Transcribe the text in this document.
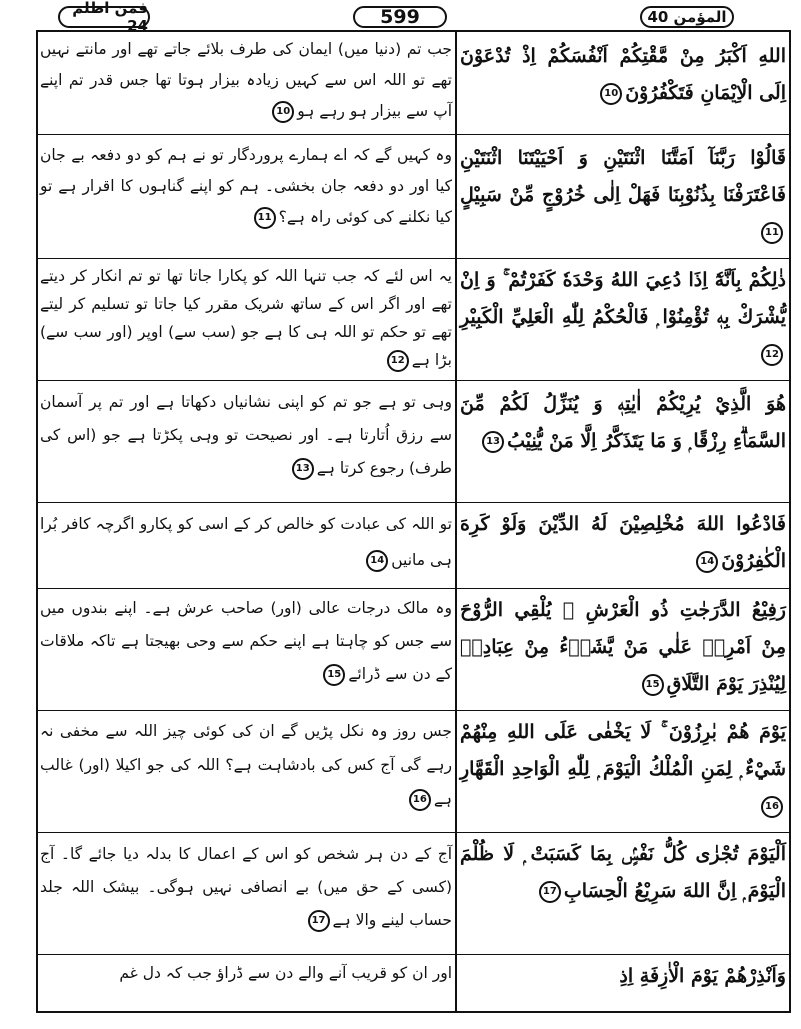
فمن اظلم 24	599	المؤمن 40
اللهِ اَكْبَرُ مِنْ مَّقْتِكُمْ اَنْفُسَكُمْ اِذْ تُدْعَوْنَ اِلَى الْاِيْمَانِ فَتَكْفُرُوْنَ10
جب تم (دنیا میں) ایمان کی طرف بلائے جاتے تھے اور مانتے نہیں تھے تو اللہ اس سے کہیں زیادہ بیزار ہوتا تھا جس قدر تم اپنے آپ سے بیزار ہو رہے ہو10
قَالُوْا رَبَّنَآ اَمَتَّنَا اثْنَتَيْنِ وَ اَحْيَيْتَنَا اثْنَتَيْنِ فَاعْتَرَفْنَا بِذُنُوْبِنَا فَهَلْ اِلٰى خُرُوْجٍ مِّنْ سَبِيْلٍ11
وہ کہیں گے کہ اے ہمارے پروردگار تو نے ہم کو دو دفعہ بے جان کیا اور دو دفعہ جان بخشی۔ ہم کو اپنے گناہوں کا اقرار ہے تو کیا نکلنے کی کوئی راہ ہے؟11
ذٰلِكُمْ بِاَنَّهٗٓ اِذَا دُعِيَ اللهُ وَحْدَهٗ كَفَرْتُمْ ۚ وَ اِنْ يُّشْرَكْ بِهٖ تُؤْمِنُوْا ۭ فَالْحُكْمُ لِلّٰهِ الْعَلِيِّ الْكَبِيْرِ12
یہ اس لئے کہ جب تنہا اللہ کو پکارا جاتا تھا تو تم انکار کر دیتے تھے اور اگر اس کے ساتھ شریک مقرر کیا جاتا تو تسلیم کر لیتے تھے تو حکم تو اللہ ہی کا ہے جو (سب سے) اوپر (اور سب سے) بڑا ہے12
هُوَ الَّذِيْ يُرِيْكُمْ اٰيٰتِهٖ وَ يُنَزِّلُ لَكُمْ مِّنَ السَّمَاۗءِ رِزْقًا ۭ وَ مَا يَتَذَكَّرُ اِلَّا مَنْ يُّنِيْبُ13
وہی تو ہے جو تم کو اپنی نشانیاں دکھاتا ہے اور تم پر آسمان سے رزق اُتارتا ہے۔ اور نصیحت تو وہی پکڑتا ہے جو (اس کی طرف) رجوع کرتا ہے13
فَادْعُوا اللهَ مُخْلِصِيْنَ لَهُ الدِّيْنَ وَلَوْ كَرِهَ الْكٰفِرُوْنَ14
تو اللہ کی عبادت کو خالص کر کے اسی کو پکارو اگرچہ کافر بُرا ہی مانیں14
رَفِيْعُ الدَّرَجٰتِ ذُو الْعَرْشِ ۚ يُلْقِي الرُّوْحَ مِنْ اَمْرِهٖ عَلٰي مَنْ يَّشَاۗءُ مِنْ عِبَادِهٖ لِيُنْذِرَ يَوْمَ التَّلَاقِ15
وہ مالک درجات عالی (اور) صاحب عرش ہے۔ اپنے بندوں میں سے جس کو چاہتا ہے اپنے حکم سے وحی بھیجتا ہے تاکہ ملاقات کے دن سے ڈرائے15
يَوْمَ هُمْ بٰرِزُوْنَ ۚ لَا يَخْفٰى عَلَى اللهِ مِنْهُمْ شَيْءٌ ۭ لِمَنِ الْمُلْكُ الْيَوْمَ ۭ لِلّٰهِ الْوَاحِدِ الْقَهَّارِ16
جس روز وہ نکل پڑیں گے ان کی کوئی چیز اللہ سے مخفی نہ رہے گی آج کس کی بادشاہت ہے؟ اللہ کی جو اکیلا (اور) غالب ہے16
اَلْيَوْمَ تُجْزٰى كُلُّ نَفْسٍۢ بِمَا كَسَبَتْ ۭ لَا ظُلْمَ الْيَوْمَ ۭ اِنَّ اللهَ سَرِيْعُ الْحِسَابِ17
آج کے دن ہر شخص کو اس کے اعمال کا بدلہ دیا جائے گا۔ آج (کسی کے حق میں) بے انصافی نہیں ہوگی۔ بیشک اللہ جلد حساب لینے والا ہے17
وَاَنْذِرْهُمْ يَوْمَ الْاٰزِفَةِ اِذِ
اور ان کو قریب آنے والے دن سے ڈراؤ جب کہ دل غم
